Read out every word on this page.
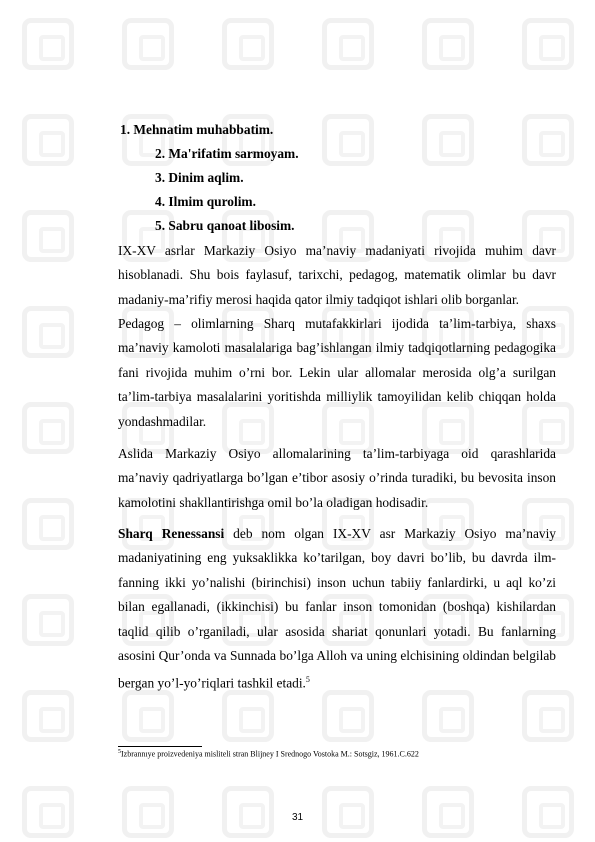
1. Mehnatim muhabbatim.
2. Ma'rifatim sarmoyam.
3. Dinim aqlim.
4. Ilmim qurolim.
5. Sabru qanoat libosim.
IX-XV asrlar Markaziy Osiyo ma’naviy madaniyati rivojida muhim davr hisoblanadi. Shu bois faylasuf, tarixchi, pedagog, matematik olimlar bu davr madaniy-ma’rifiy merosi haqida qator ilmiy tadqiqot ishlari olib borganlar.
Pedagog – olimlarning Sharq mutafakkirlari ijodida ta’lim-tarbiya, shaxs ma’naviy kamoloti masalalariga bag’ishlangan ilmiy tadqiqotlarning pedagogika fani rivojida muhim o’rni bor. Lekin ular allomalar merosida olg’a surilgan ta’lim-tarbiya masalalarini yoritishda milliylik tamoyilidan kelib chiqqan holda yondashmadilar.
Aslida Markaziy Osiyo allomalarining ta’lim-tarbiyaga oid qarashlarida ma’naviy qadriyatlarga bo’lgan e’tibor asosiy o’rinda turadiki, bu bevosita inson kamolotini shakllantirishga omil bo’la oladigan hodisadir.
Sharq Renessansi deb nom olgan IX-XV asr Markaziy Osiyo ma’naviy madaniyatining eng yuksaklikka ko’tarilgan, boy davri bo’lib, bu davrda ilm-fanning ikki yo’nalishi (birinchisi) inson uchun tabiiy fanlardirki, u aql ko’zi bilan egallanadi, (ikkinchisi) bu fanlar inson tomonidan (boshqa) kishilardan taqlid qilib o’rganiladi, ular asosida shariat qonunlari yotadi. Bu fanlarning asosini Qur’onda va Sunnada bo’lga Alloh va uning elchisining oldindan belgilab bergan yo’l-yo’riqlari tashkil etadi.$^5$
$^5$Izbrannıye proizvedeniya misliteli stran Blijney I Srednogo Vostoka M.: Sotsgiz, 1961.C.622
31
